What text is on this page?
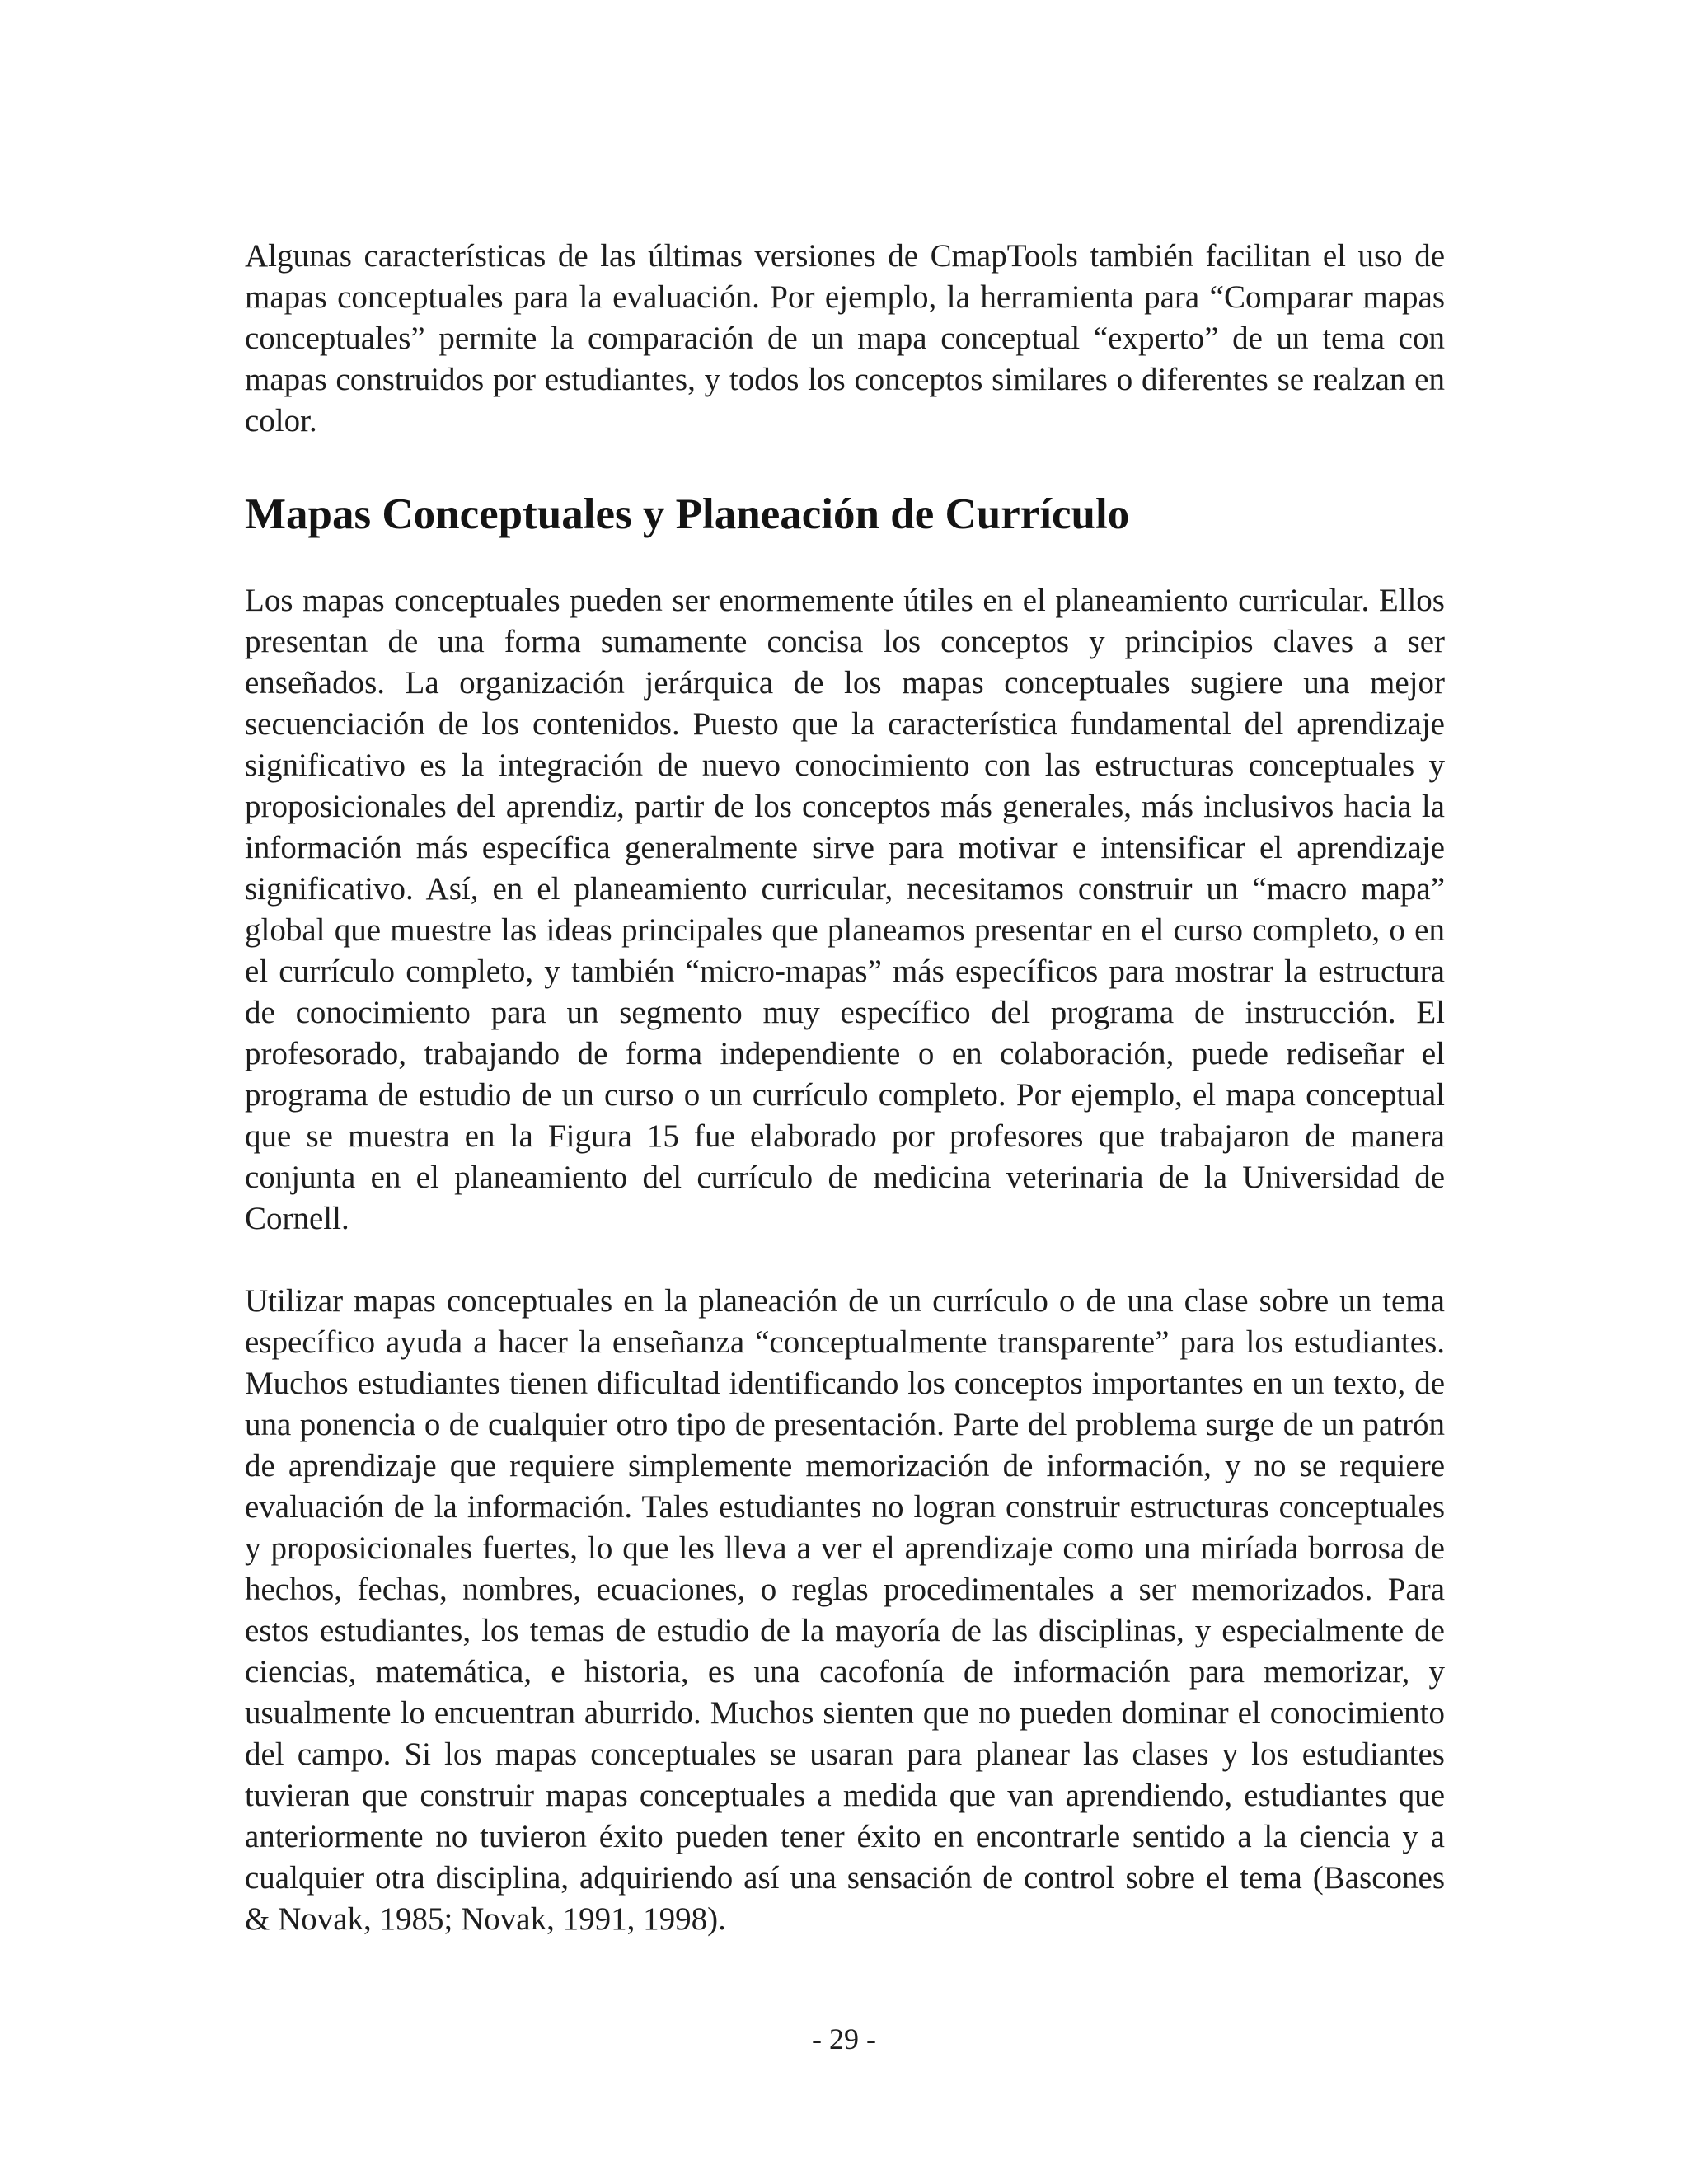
Algunas características de las últimas versiones de CmapTools también facilitan el uso de mapas conceptuales para la evaluación. Por ejemplo, la herramienta para “Comparar mapas conceptuales” permite la comparación de un mapa conceptual “experto” de un tema con mapas construidos por estudiantes, y todos los conceptos similares o diferentes se realzan en color.

Mapas Conceptuales y Planeación de Currículo

Los mapas conceptuales pueden ser enormemente útiles en el planeamiento curricular. Ellos presentan de una forma sumamente concisa los conceptos y principios claves a ser enseñados. La organización jerárquica de los mapas conceptuales sugiere una mejor secuenciación de los contenidos. Puesto que la característica fundamental del aprendizaje significativo es la integración de nuevo conocimiento con las estructuras conceptuales y proposicionales del aprendiz, partir de los conceptos más generales, más inclusivos hacia la información más específica generalmente sirve para motivar e intensificar el aprendizaje significativo. Así, en el planeamiento curricular, necesitamos construir un “macro mapa” global que muestre las ideas principales que planeamos presentar en el curso completo, o en el currículo completo, y también “micro-mapas” más específicos para mostrar la estructura de conocimiento para un segmento muy específico del programa de instrucción. El profesorado, trabajando de forma independiente o en colaboración, puede rediseñar el programa de estudio de un curso o un currículo completo. Por ejemplo, el mapa conceptual que se muestra en la Figura 15 fue elaborado por profesores que trabajaron de manera conjunta en el planeamiento del currículo de medicina veterinaria de la Universidad de Cornell.

Utilizar mapas conceptuales en la planeación de un currículo o de una clase sobre un tema específico ayuda a hacer la enseñanza “conceptualmente transparente” para los estudiantes. Muchos estudiantes tienen dificultad identificando los conceptos importantes en un texto, de una ponencia o de cualquier otro tipo de presentación. Parte del problema surge de un patrón de aprendizaje que requiere simplemente memorización de información, y no se requiere evaluación de la información. Tales estudiantes no logran construir estructuras conceptuales y proposicionales fuertes, lo que les lleva a ver el aprendizaje como una miríada borrosa de hechos, fechas, nombres, ecuaciones, o reglas procedimentales a ser memorizados. Para estos estudiantes, los temas de estudio de la mayoría de las disciplinas, y especialmente de ciencias, matemática, e historia, es una cacofonía de información para memorizar, y usualmente lo encuentran aburrido. Muchos sienten que no pueden dominar el conocimiento del campo. Si los mapas conceptuales se usaran para planear las clases y los estudiantes tuvieran que construir mapas conceptuales a medida que van aprendiendo, estudiantes que anteriormente no tuvieron éxito pueden tener éxito en encontrarle sentido a la ciencia y a cualquier otra disciplina, adquiriendo así una sensación de control sobre el tema (Bascones & Novak, 1985; Novak, 1991, 1998).

- 29 -
